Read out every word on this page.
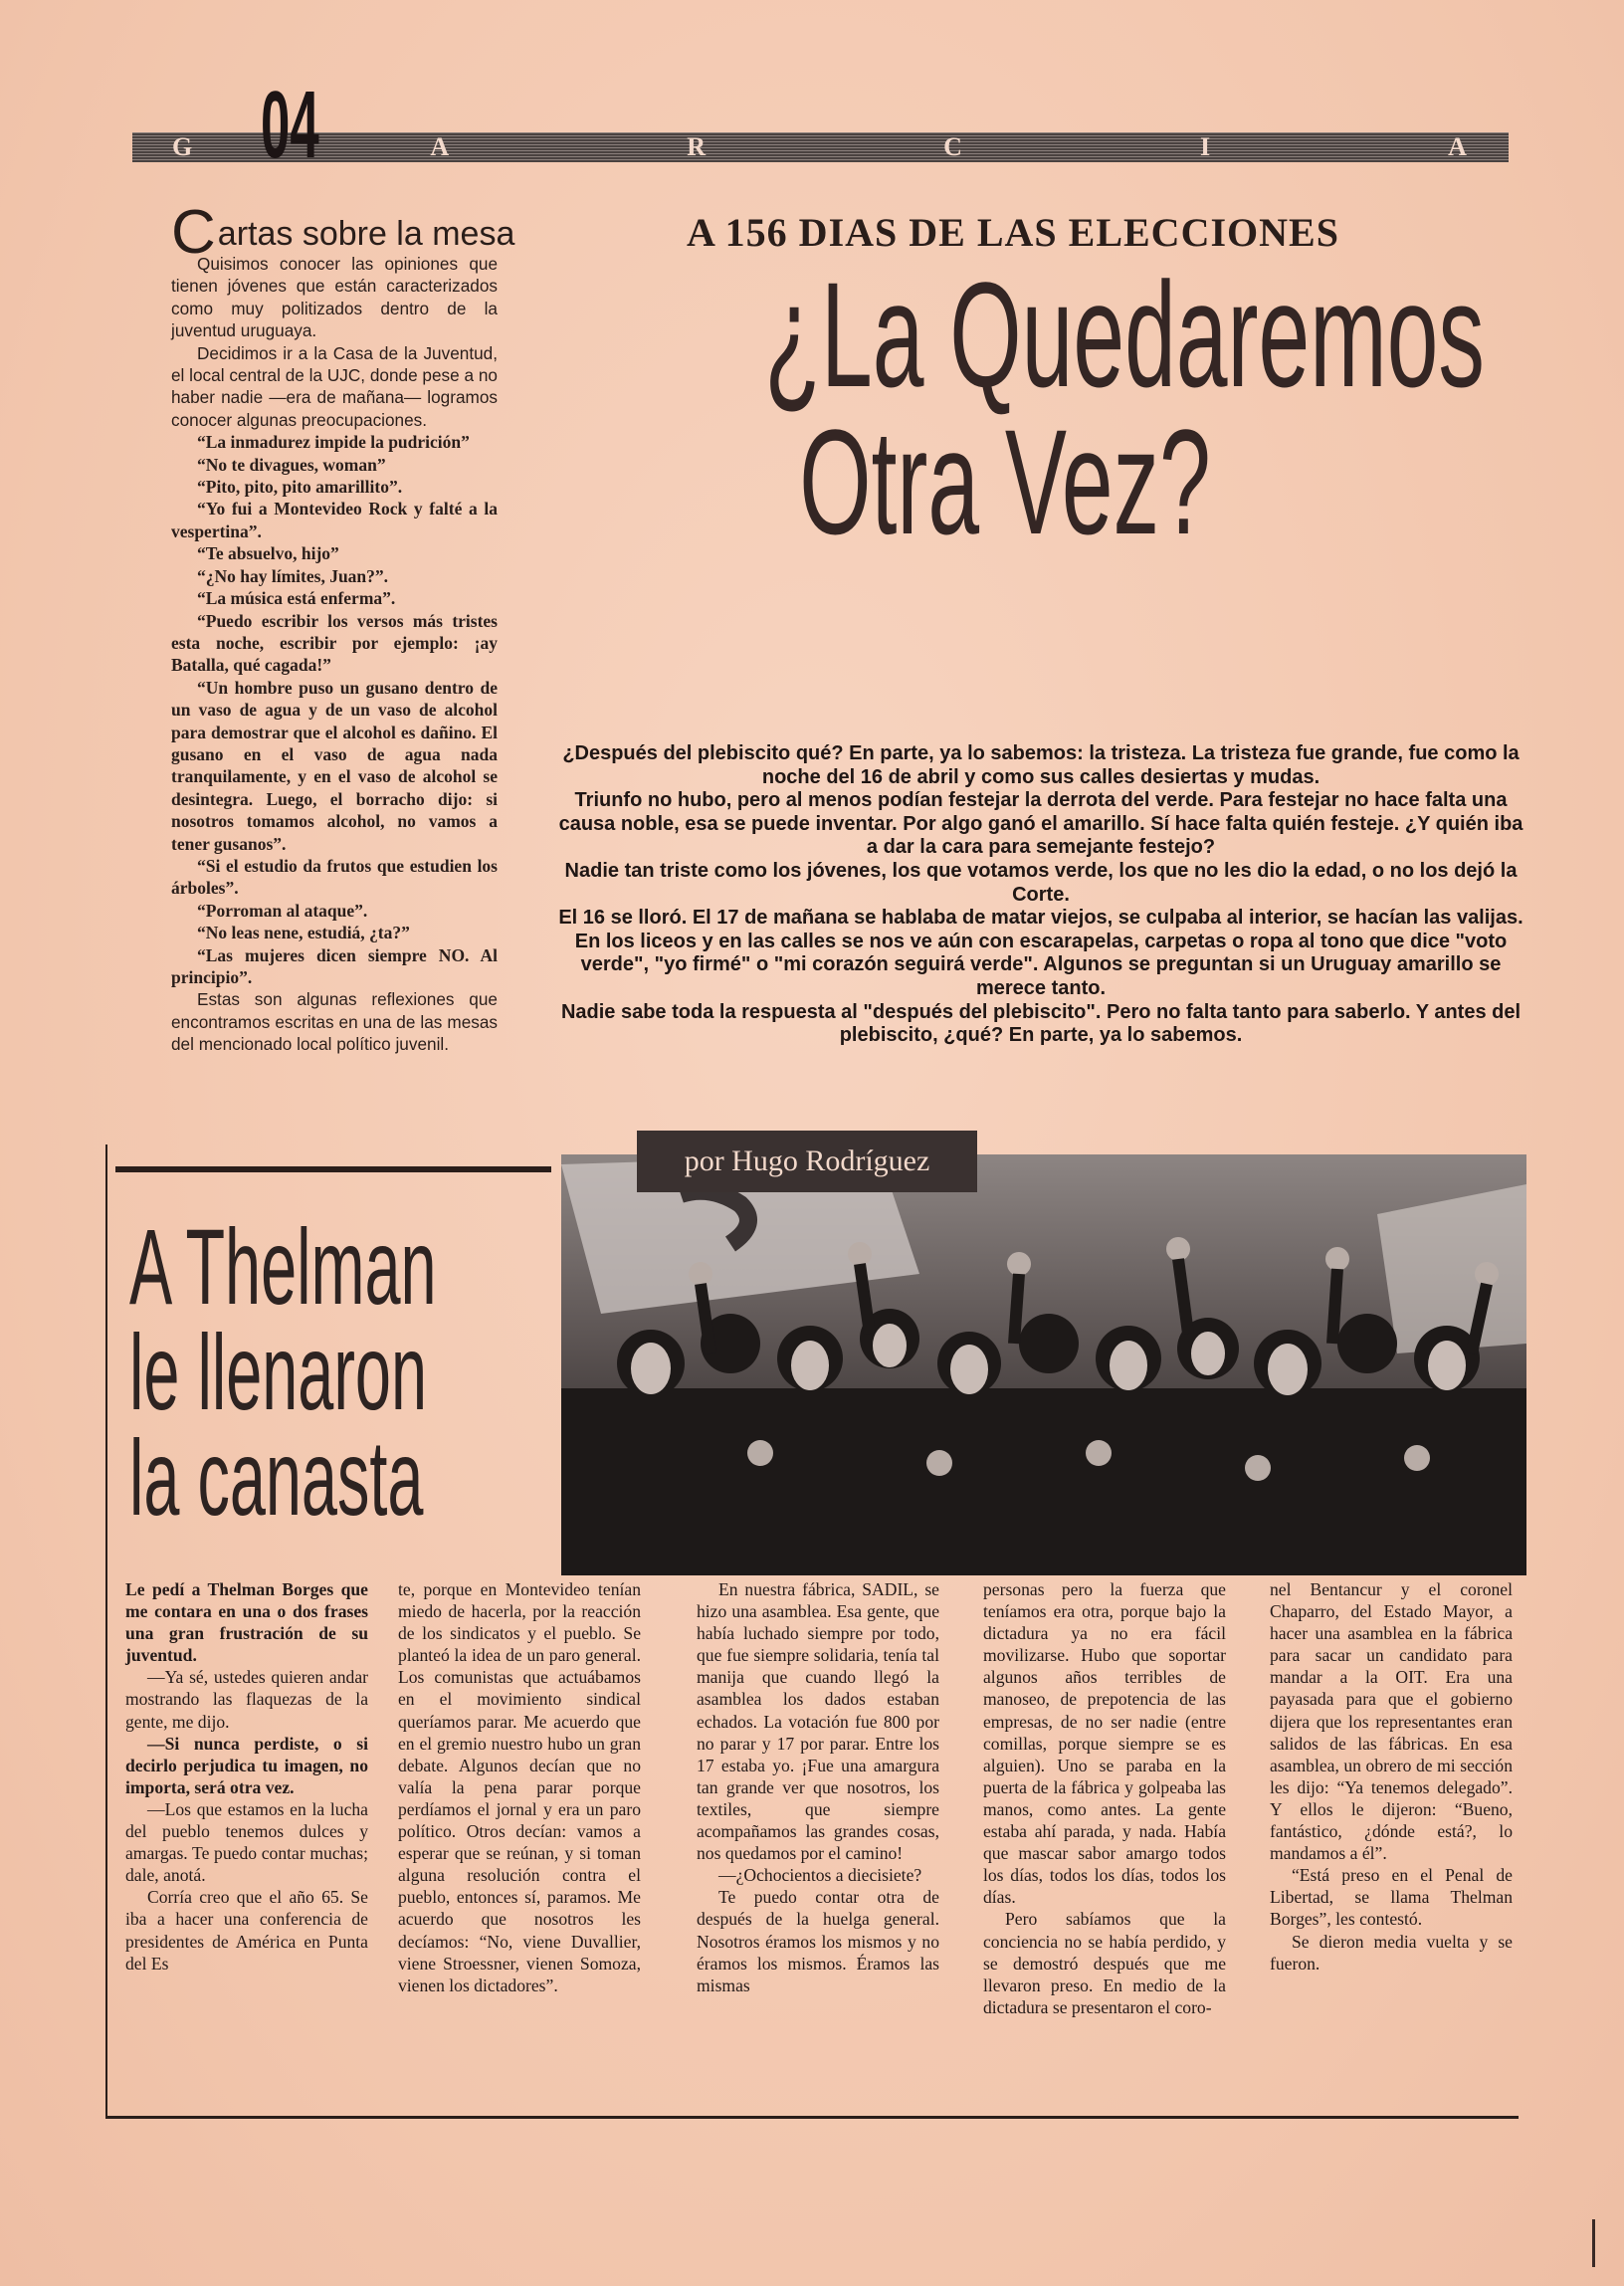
G	A	R	C	I	A
04
Cartas sobre la mesa

Quisimos conocer las opiniones que tienen jóvenes que están caracterizados como muy politizados dentro de la juventud uruguaya.

Decidimos ir a la Casa de la Juventud, el local central de la UJC, donde pese a no haber nadie —era de mañana— logramos conocer algunas preocupaciones.

“La inmadurez impide la pudrición”

“No te divagues, woman”

“Pito, pito, pito amarillito”.

“Yo fui a Montevideo Rock y falté a la vespertina”.

“Te absuelvo, hijo”

“¿No hay límites, Juan?”.

“La música está enferma”.

“Puedo escribir los versos más tristes esta noche, escribir por ejemplo: ¡ay Batalla, qué cagada!”

“Un hombre puso un gusano dentro de un vaso de agua y de un vaso de alcohol para demostrar que el alcohol es dañino. El gusano en el vaso de agua nada tranquilamente, y en el vaso de alcohol se desintegra. Luego, el borracho dijo: si nosotros tomamos alcohol, no vamos a tener gusanos”.

“Si el estudio da frutos que estudien los árboles”.

“Porroman al ataque”.

“No leas nene, estudiá, ¿ta?”

“Las mujeres dicen siempre NO. Al principio”.

Estas son algunas reflexiones que encontramos escritas en una de las mesas del mencionado local político juvenil.

A 156 DIAS DE LAS ELECCIONES
¿La Quedaremos
Otra Vez?

¿Después del plebiscito qué? En parte, ya lo sabemos: la tristeza. La tristeza fue grande, fue como la noche del 16 de abril y como sus calles desiertas y mudas.

Triunfo no hubo, pero al menos podían festejar la derrota del verde. Para festejar no hace falta una causa noble, esa se puede inventar. Por algo ganó el amarillo. Sí hace falta quién festeje. ¿Y quién iba a dar la cara para semejante festejo?

Nadie tan triste como los jóvenes, los que votamos verde, los que no les dio la edad, o no los dejó la Corte.

El 16 se lloró. El 17 de mañana se hablaba de matar viejos, se culpaba al interior, se hacían las valijas.

En los liceos y en las calles se nos ve aún con escarapelas, carpetas o ropa al tono que dice "voto verde", "yo firmé" o "mi corazón seguirá verde". Algunos se preguntan si un Uruguay amarillo se merece tanto.

Nadie sabe toda la respuesta al "después del plebiscito". Pero no falta tanto para saberlo. Y antes del plebiscito, ¿qué? En parte, ya lo sabemos.

por Hugo Rodríguez
A Thelman
le llenaron
la canasta

Le pedí a Thelman Borges que me contara en una o dos frases una gran frustración de su juventud.

—Ya sé, ustedes quieren andar mostrando las flaquezas de la gente, me dijo.

—Si nunca perdiste, o si decirlo perjudica tu imagen, no importa, será otra vez.

—Los que estamos en la lucha del pueblo tenemos dulces y amargas. Te puedo contar muchas; dale, anotá.

Corría creo que el año 65. Se iba a hacer una conferencia de presidentes de América en Punta del Es

te, porque en Montevideo tenían miedo de hacerla, por la reacción de los sindicatos y el pueblo. Se planteó la idea de un paro general. Los comunistas que actuábamos en el movimiento sindical queríamos parar. Me acuerdo que en el gremio nuestro hubo un gran debate. Algunos decían que no valía la pena parar porque perdíamos el jornal y era un paro político. Otros decían: vamos a esperar que se reúnan, y si toman alguna resolución contra el pueblo, entonces sí, paramos. Me acuerdo que nosotros les decíamos: “No, viene Duvallier, viene Stroessner, vienen Somoza, vienen los dictadores”.

En nuestra fábrica, SADIL, se hizo una asamblea. Esa gente, que había luchado siempre por todo, que fue siempre solidaria, tenía tal manija que cuando llegó la asamblea los dados estaban echados. La votación fue 800 por no parar y 17 por parar. Entre los 17 estaba yo. ¡Fue una amargura tan grande ver que nosotros, los textiles, que siempre acompañamos las grandes cosas, nos quedamos por el camino!

—¿Ochocientos a diecisiete?

Te puedo contar otra de después de la huelga general. Nosotros éramos los mismos y no éramos los mismos. Éramos las mismas

personas pero la fuerza que teníamos era otra, porque bajo la dictadura ya no era fácil movilizarse. Hubo que soportar algunos años terribles de manoseo, de prepotencia de las empresas, de no ser nadie (entre comillas, porque siempre se es alguien). Uno se paraba en la puerta de la fábrica y golpeaba las manos, como antes. La gente estaba ahí parada, y nada. Había que mascar sabor amargo todos los días, todos los días, todos los días.

Pero sabíamos que la conciencia no se había perdido, y se demostró después que me llevaron preso. En medio de la dictadura se presentaron el coro-

nel Bentancur y el coronel Chaparro, del Estado Mayor, a hacer una asamblea en la fábrica para sacar un candidato para mandar a la OIT. Era una payasada para que el gobierno dijera que los representantes eran salidos de las fábricas. En esa asamblea, un obrero de mi sección les dijo: “Ya tenemos delegado”. Y ellos le dijeron: “Bueno, fantástico, ¿dónde está?, lo mandamos a él”.

“Está preso en el Penal de Libertad, se llama Thelman Borges”, les contestó.

Se dieron media vuelta y se fueron.
